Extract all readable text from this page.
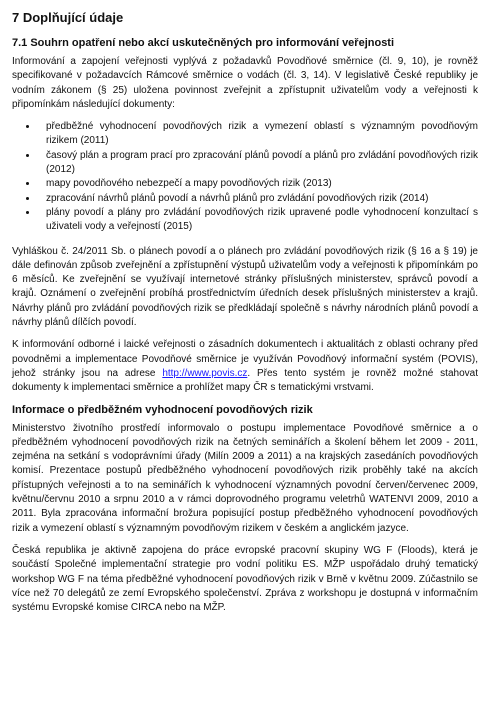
7 Doplňující údaje
7.1 Souhrn opatření nebo akcí uskutečněných pro informování veřejnosti

Informování a zapojení veřejnosti vyplývá z požadavků Povodňové směrnice (čl. 9, 10), je rovněž specifikované v požadavcích Rámcové směrnice o vodách (čl. 3, 14). V legislativě České republiky je vodním zákonem (§ 25) uložena povinnost zveřejnit a zpřístupnit uživatelům vody a veřejnosti k připomínkám následující dokumenty:

• předběžné vyhodnocení povodňových rizik a vymezení oblastí s významným povodňovým rizikem (2011)
• časový plán a program prací pro zpracování plánů povodí a plánů pro zvládání povodňových rizik (2012)
• mapy povodňového nebezpečí a mapy povodňových rizik (2013)
• zpracování návrhů plánů povodí a návrhů plánů pro zvládání povodňových rizik (2014)
• plány povodí a plány pro zvládání povodňových rizik upravené podle vyhodnocení konzultací s uživateli vody a veřejností (2015)

Vyhláškou č. 24/2011 Sb. o plánech povodí a o plánech pro zvládání povodňových rizik (§ 16 a § 19) je dále definován způsob zveřejnění a zpřístupnění výstupů uživatelům vody a veřejnosti k připomínkám po 6 měsíců. Ke zveřejnění se využívají internetové stránky příslušných ministerstev, správců povodí a krajů. Oznámení o zveřejnění probíhá prostřednictvím úředních desek příslušných ministerstev a krajů. Návrhy plánů pro zvládání povodňových rizik se předkládají společně s návrhy národních plánů povodí a návrhy plánů dílčích povodí.

K informování odborné i laické veřejnosti o zásadních dokumentech i aktualitách z oblasti ochrany před povodněmi a implementace Povodňové směrnice je využíván Povodňový informační systém (POVIS), jehož stránky jsou na adrese http://www.povis.cz. Přes tento systém je rovněž možné stahovat dokumenty k implementaci směrnice a prohlížet mapy ČR s tematickými vrstvami.

Informace o předběžném vyhodnocení povodňových rizik

Ministerstvo životního prostředí informovalo o postupu implementace Povodňové směrnice a o předběžném vyhodnocení povodňových rizik na četných seminářích a školení během let 2009 - 2011, zejména na setkání s vodoprávními úřady (Milín 2009 a 2011) a na krajských zasedáních povodňových komisí. Prezentace postupů předběžného vyhodnocení povodňových rizik proběhly také na akcích přístupných veřejnosti a to na seminářích k vyhodnocení významných povodní červen/červenec 2009, květnu/červnu 2010 a srpnu 2010 a v rámci doprovodného programu veletrhů WATENVI 2009, 2010 a 2011. Byla zpracována informační brožura popisující postup předběžného vyhodnocení povodňových rizik a vymezení oblastí s významným povodňovým rizikem v českém a anglickém jazyce.

Česká republika je aktivně zapojena do práce evropské pracovní skupiny WG F (Floods), která je součástí Společné implementační strategie pro vodní politiku ES. MŽP uspořádalo druhý tematický workshop WG F na téma předběžné vyhodnocení povodňových rizik v Brně v květnu 2009. Zúčastnilo se více než 70 delegátů ze zemí Evropského společenství. Zpráva z workshopu je dostupná v informačním systému Evropské komise CIRCA nebo na MŽP.
